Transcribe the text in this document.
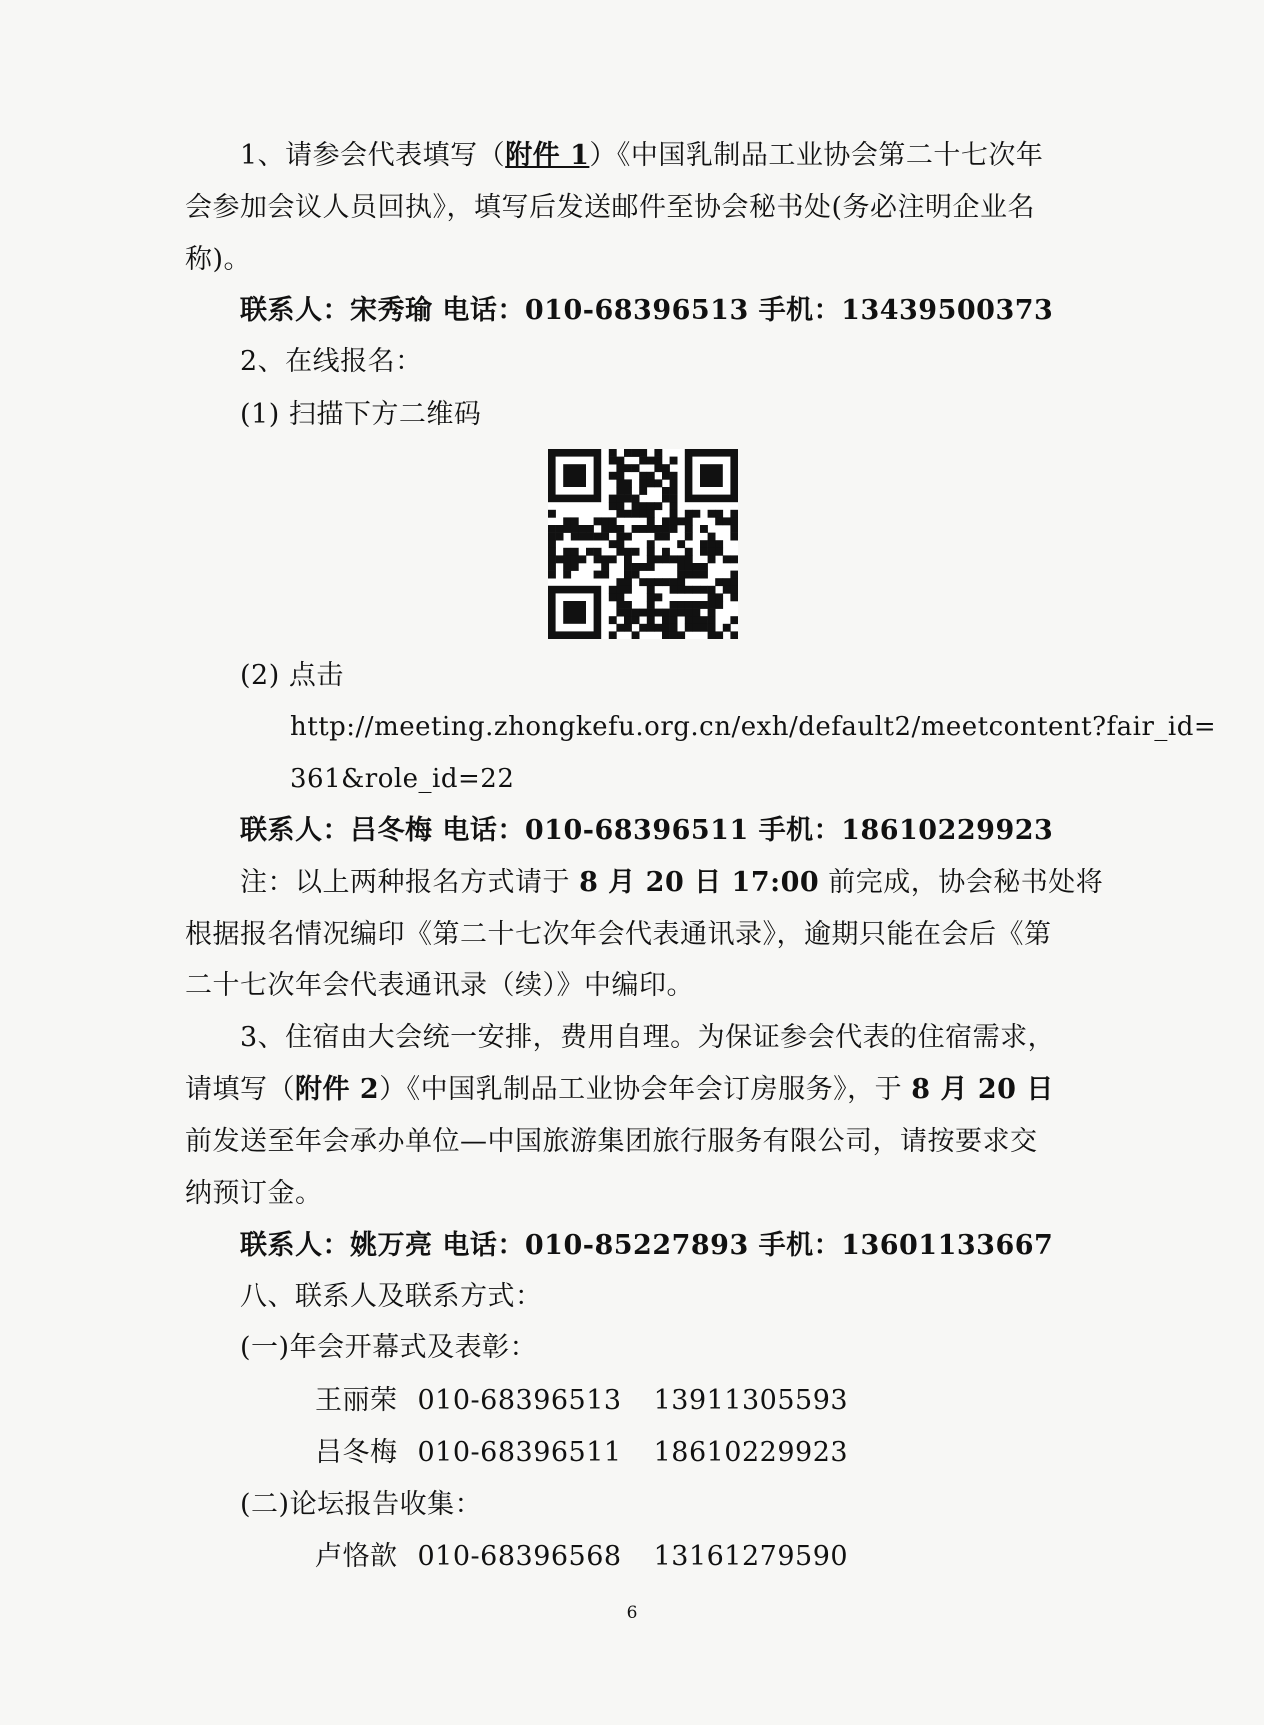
1、请参会代表填写（附件 1）《中国乳制品工业协会第二十七次年
会参加会议人员回执》，填写后发送邮件至协会秘书处(务必注明企业名
称)。
联系人：宋秀瑜 电话：010-68396513 手机：13439500373
2、在线报名：
(1) 扫描下方二维码
(2) 点击
http://meeting.zhongkefu.org.cn/exh/default2/meetcontent?fair_id=
361&role_id=22
联系人：吕冬梅 电话：010-68396511 手机：18610229923
注：以上两种报名方式请于 8 月 20 日 17:00 前完成，协会秘书处将
根据报名情况编印《第二十七次年会代表通讯录》，逾期只能在会后《第
二十七次年会代表通讯录（续）》中编印。
3、住宿由大会统一安排，费用自理。为保证参会代表的住宿需求，
请填写（附件 2）《中国乳制品工业协会年会订房服务》，于 8 月 20 日
前发送至年会承办单位—中国旅游集团旅行服务有限公司，请按要求交
纳预订金。
联系人：姚万亮 电话：010-85227893 手机：13601133667
八、联系人及联系方式：
(一)年会开幕式及表彰：
王丽荣 010-68396513 13911305593
吕冬梅 010-68396511 18610229923
(二)论坛报告收集：
卢恪歆 010-68396568 13161279590
6
